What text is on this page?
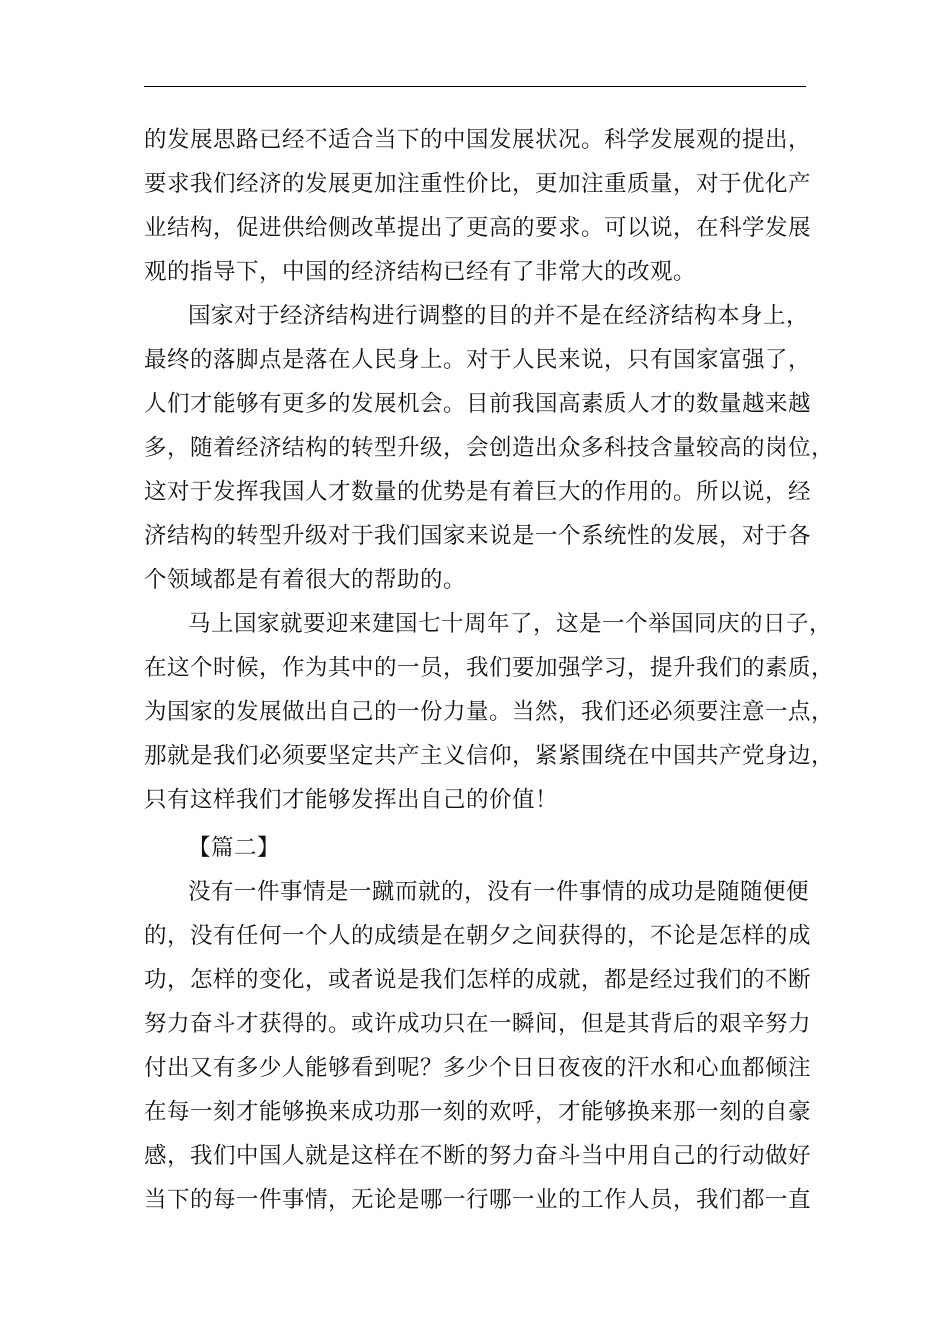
的发展思路已经不适合当下的中国发展状况。科学发展观的提出，
要求我们经济的发展更加注重性价比，更加注重质量，对于优化产
业结构，促进供给侧改革提出了更高的要求。可以说，在科学发展
观的指导下，中国的经济结构已经有了非常大的改观。
国家对于经济结构进行调整的目的并不是在经济结构本身上，
最终的落脚点是落在人民身上。对于人民来说，只有国家富强了，
人们才能够有更多的发展机会。目前我国高素质人才的数量越来越
多，随着经济结构的转型升级，会创造出众多科技含量较高的岗位，
这对于发挥我国人才数量的优势是有着巨大的作用的。所以说，经
济结构的转型升级对于我们国家来说是一个系统性的发展，对于各
个领域都是有着很大的帮助的。
马上国家就要迎来建国七十周年了，这是一个举国同庆的日子，
在这个时候，作为其中的一员，我们要加强学习，提升我们的素质，
为国家的发展做出自己的一份力量。当然，我们还必须要注意一点，
那就是我们必须要坚定共产主义信仰，紧紧围绕在中国共产党身边，
只有这样我们才能够发挥出自己的价值！
【篇二】
没有一件事情是一蹴而就的，没有一件事情的成功是随随便便
的，没有任何一个人的成绩是在朝夕之间获得的，不论是怎样的成
功，怎样的变化，或者说是我们怎样的成就，都是经过我们的不断
努力奋斗才获得的。或许成功只在一瞬间，但是其背后的艰辛努力
付出又有多少人能够看到呢？多少个日日夜夜的汗水和心血都倾注
在每一刻才能够换来成功那一刻的欢呼，才能够换来那一刻的自豪
感，我们中国人就是这样在不断的努力奋斗当中用自己的行动做好
当下的每一件事情，无论是哪一行哪一业的工作人员，我们都一直
